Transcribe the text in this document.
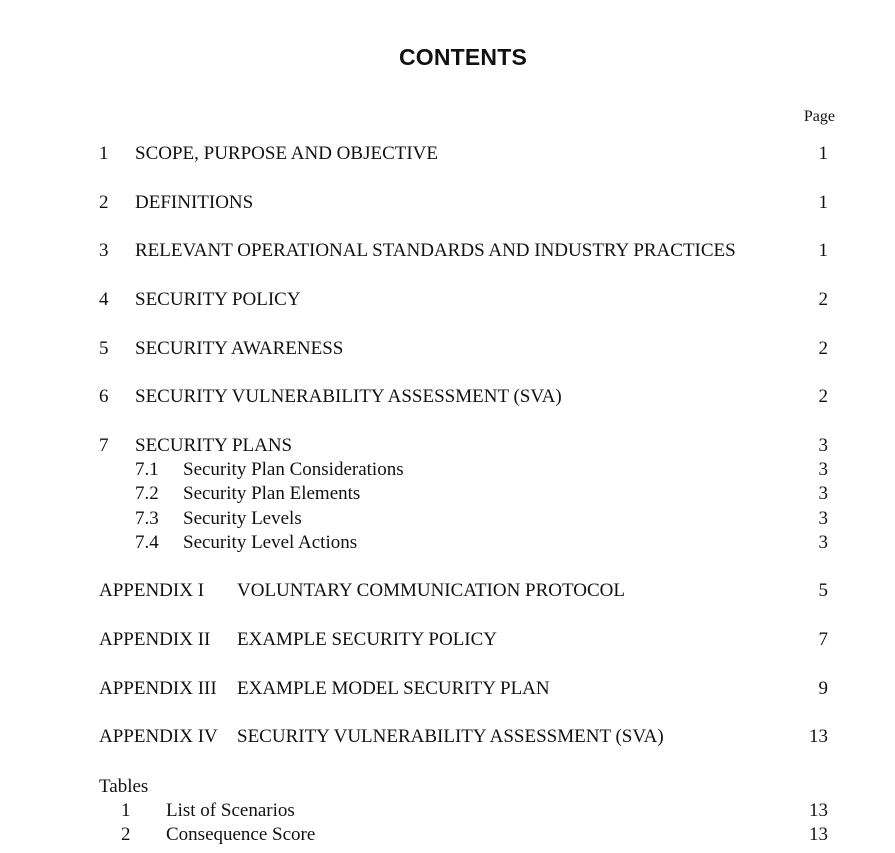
CONTENTS
Page
1	SCOPE, PURPOSE AND OBJECTIVE	1
2	DEFINITIONS	1
3	RELEVANT OPERATIONAL STANDARDS AND INDUSTRY PRACTICES	1
4	SECURITY POLICY	2
5	SECURITY AWARENESS	2
6	SECURITY VULNERABILITY ASSESSMENT (SVA)	2
7	SECURITY PLANS	3
7.1	Security Plan Considerations	3
7.2	Security Plan Elements	3
7.3	Security Levels	3
7.4	Security Level Actions	3
APPENDIX I	VOLUNTARY COMMUNICATION PROTOCOL	5
APPENDIX II	EXAMPLE SECURITY POLICY	7
APPENDIX III	EXAMPLE MODEL SECURITY PLAN	9
APPENDIX IV	SECURITY VULNERABILITY ASSESSMENT (SVA)	13
Tables
1	List of Scenarios	13
2	Consequence Score	13
